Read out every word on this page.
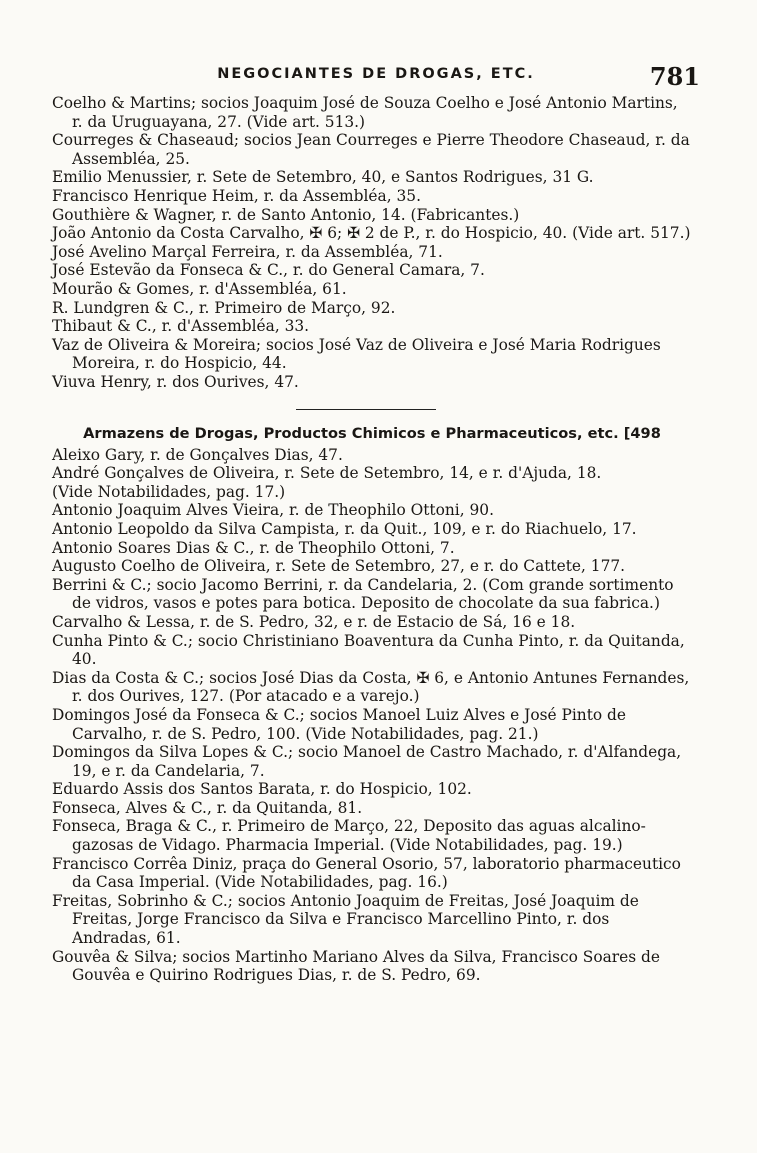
NEGOCIANTES DE DROGAS, ETC.	781
Coelho & Martins; socios Joaquim José de Souza Coelho e José Antonio Martins, r. da Uruguayana, 27. (Vide art. 513.)
Courreges & Chaseaud; socios Jean Courreges e Pierre Theodore Chaseaud, r. da Assembléa, 25.
Emilio Menussier, r. Sete de Setembro, 40, e Santos Rodrigues, 31 G.
Francisco Henrique Heim, r. da Assembléa, 35.
Gouthière & Wagner, r. de Santo Antonio, 14. (Fabricantes.)
João Antonio da Costa Carvalho, ✠ 6; ✠ 2 de P., r. do Hospicio, 40. (Vide art. 517.)
José Avelino Marçal Ferreira, r. da Assembléa, 71.
José Estevão da Fonseca & C., r. do General Camara, 7.
Mourão & Gomes, r. d'Assembléa, 61.
R. Lundgren & C., r. Primeiro de Março, 92.
Thibaut & C., r. d'Assembléa, 33.
Vaz de Oliveira & Moreira; socios José Vaz de Oliveira e José Maria Rodrigues Moreira, r. do Hospicio, 44.
Viuva Henry, r. dos Ourives, 47.
Armazens de Drogas, Productos Chimicos e Pharmaceuticos, etc. [498
Aleixo Gary, r. de Gonçalves Dias, 47.
André Gonçalves de Oliveira, r. Sete de Setembro, 14, e r. d'Ajuda, 18.
(Vide Notabilidades, pag. 17.)
Antonio Joaquim Alves Vieira, r. de Theophilo Ottoni, 90.
Antonio Leopoldo da Silva Campista, r. da Quit., 109, e r. do Riachuelo, 17.
Antonio Soares Dias & C., r. de Theophilo Ottoni, 7.
Augusto Coelho de Oliveira, r. Sete de Setembro, 27, e r. do Cattete, 177.
Berrini & C.; socio Jacomo Berrini, r. da Candelaria, 2. (Com grande sortimento de vidros, vasos e potes para botica. Deposito de chocolate da sua fabrica.)
Carvalho & Lessa, r. de S. Pedro, 32, e r. de Estacio de Sá, 16 e 18.
Cunha Pinto & C.; socio Christiniano Boaventura da Cunha Pinto, r. da Quitanda, 40.
Dias da Costa & C.; socios José Dias da Costa, ✠ 6, e Antonio Antunes Fernandes, r. dos Ourives, 127. (Por atacado e a varejo.)
Domingos José da Fonseca & C.; socios Manoel Luiz Alves e José Pinto de Carvalho, r. de S. Pedro, 100. (Vide Notabilidades, pag. 21.)
Domingos da Silva Lopes & C.; socio Manoel de Castro Machado, r. d'Alfandega, 19, e r. da Candelaria, 7.
Eduardo Assis dos Santos Barata, r. do Hospicio, 102.
Fonseca, Alves & C., r. da Quitanda, 81.
Fonseca, Braga & C., r. Primeiro de Março, 22, Deposito das aguas alcalino-gazosas de Vidago. Pharmacia Imperial. (Vide Notabilidades, pag. 19.)
Francisco Corrêa Diniz, praça do General Osorio, 57, laboratorio pharmaceutico da Casa Imperial. (Vide Notabilidades, pag. 16.)
Freitas, Sobrinho & C.; socios Antonio Joaquim de Freitas, José Joaquim de Freitas, Jorge Francisco da Silva e Francisco Marcellino Pinto, r. dos Andradas, 61.
Gouvêa & Silva; socios Martinho Mariano Alves da Silva, Francisco Soares de Gouvêa e Quirino Rodrigues Dias, r. de S. Pedro, 69.
